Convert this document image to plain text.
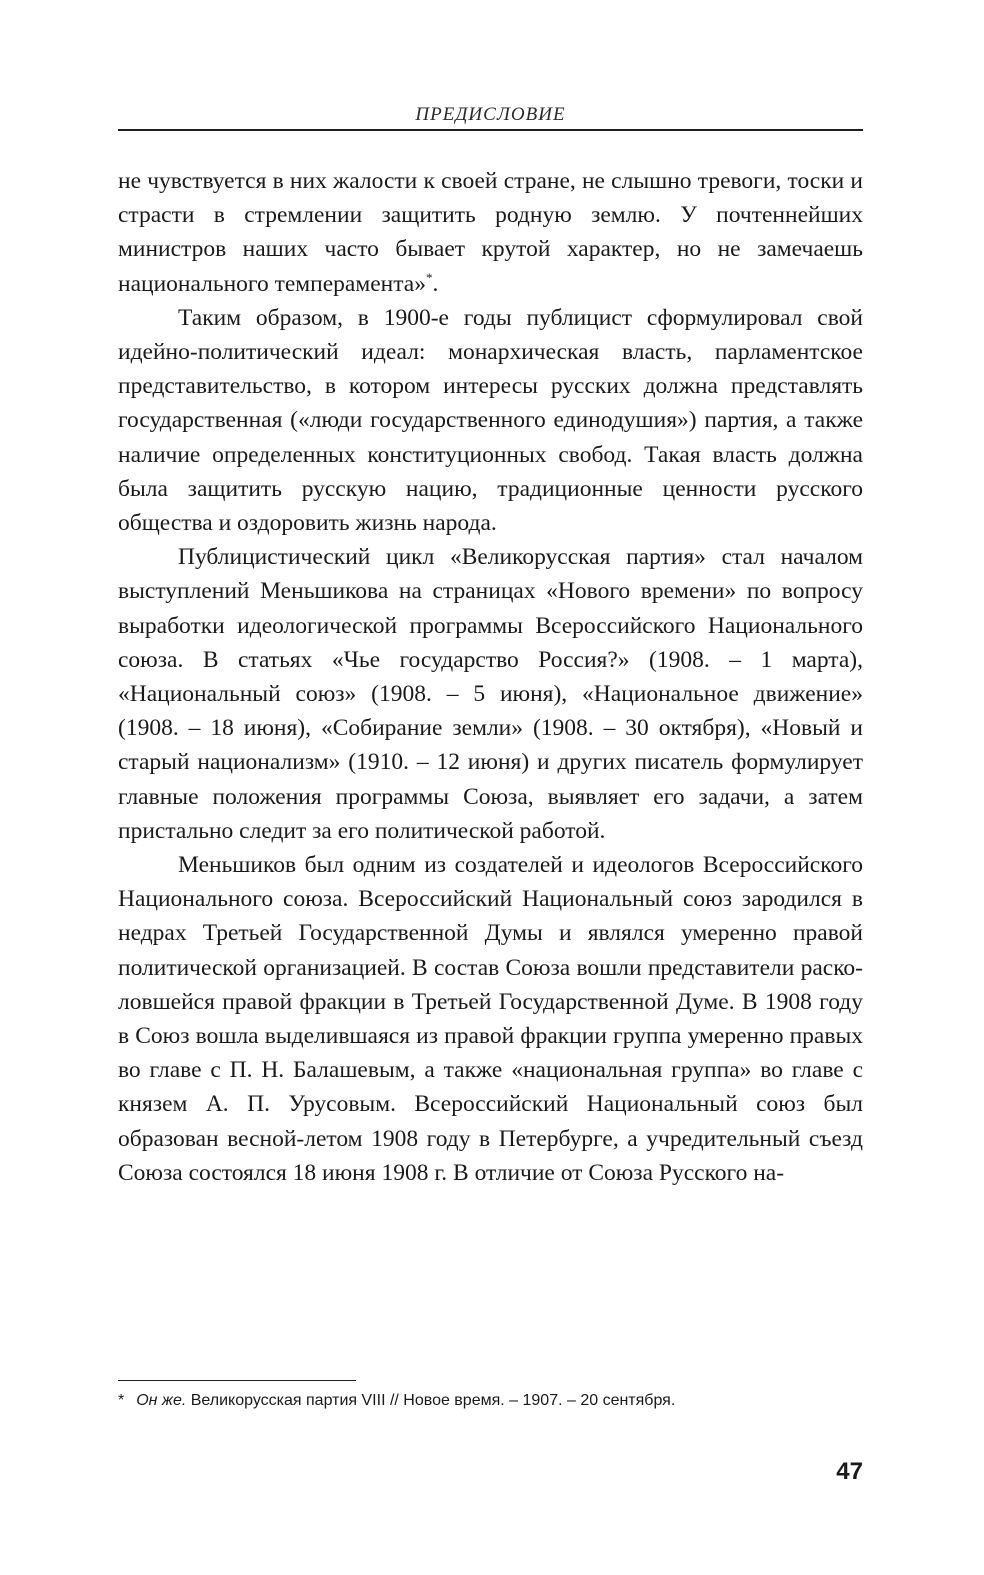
ПРЕДИСЛОВИЕ

не чувствуется в них жалости к своей стране, не слышно тревоги, тоски и страсти в стремлении защитить родную землю. У почтеннейших министров наших часто бывает крутой характер, но не замечаешь национального темперамента»*.

Таким образом, в 1900-е годы публицист сформулировал свой идейно-политический идеал: монархическая власть, парламентское представительство, в котором интересы русских должна представлять государственная («люди государственного единодушия») партия, а также наличие определенных конституционных свобод. Такая власть должна была защитить русскую нацию, традиционные ценности русского общества и оздоровить жизнь народа.

Публицистический цикл «Великорусская партия» стал началом выступлений Меньшикова на страницах «Нового времени» по вопросу выработки идеологической программы Всероссийского Национального союза. В статьях «Чье государство Россия?» (1908. – 1 марта), «Национальный союз» (1908. – 5 июня), «Национальное движение» (1908. – 18 июня), «Собирание земли» (1908. – 30 октября), «Новый и старый национализм» (1910. – 12 июня) и других писатель формулирует главные положения программы Союза, выявляет его задачи, а затем пристально следит за его политической работой.

Меньшиков был одним из создателей и идеологов Всероссийского Национального союза. Всероссийский Национальный союз зародился в недрах Третьей Государственной Думы и являлся умеренно правой политической организацией. В состав Союза вошли представители расколовшейся правой фракции в Третьей Государственной Думе. В 1908 году в Союз вошла выделившаяся из правой фракции группа умеренно правых во главе с П. Н. Балашевым, а также «национальная группа» во главе с князем А. П. Урусовым. Всероссийский Национальный союз был образован весной-летом 1908 году в Петербурге, а учредительный съезд Союза состоялся 18 июня 1908 г. В отличие от Союза Русского на-

* Он же. Великорусская партия VIII // Новое время. – 1907. – 20 сентября.
47
